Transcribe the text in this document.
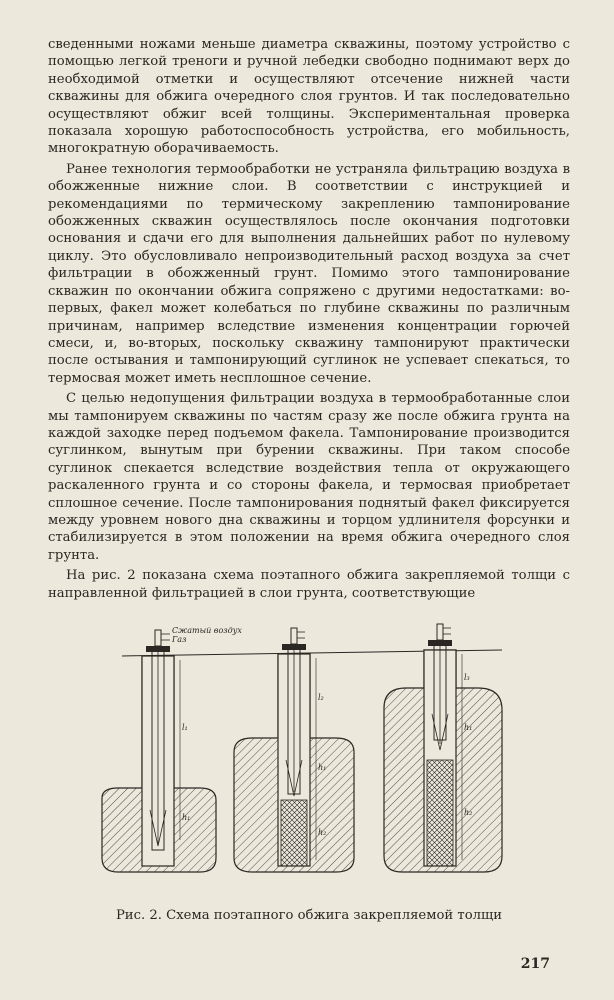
сведенными ножами меньше диаметра скважины, поэтому устройство с помощью легкой треноги и ручной лебедки свободно поднимают верх до необходимой отметки и осуществляют отсечение нижней части скважины для обжига очередного слоя грунтов. И так последовательно осуществляют обжиг всей толщины. Экспериментальная проверка показала хорошую работоспособность устройства, его мобильность, многократную оборачиваемость.

Ранее технология термообработки не устраняла фильтрацию воздуха в обожженные нижние слои. В соответствии с инструкцией и рекомендациями по термическому закреплению тампонирование обожженных скважин осуществлялось после окончания подготовки основания и сдачи его для выполнения дальнейших работ по нулевому циклу. Это обусловливало непроизводительный расход воздуха за счет фильтрации в обожженный грунт. Помимо этого тампонирование скважин по окончании обжига сопряжено с другими недостатками: во-первых, факел может колебаться по глубине скважины по различным причинам, например вследствие изменения концентрации горючей смеси, и, во-вторых, поскольку скважину тампонируют практически после остывания и тампонирующий суглинок не успевает спекаться, то термосвая может иметь несплошное сечение.

С целью недопущения фильтрации воздуха в термообработанные слои мы тампонируем скважины по частям сразу же после обжига грунта на каждой заходке перед подъемом факела. Тампонирование производится суглинком, вынутым при бурении скважины. При таком способе суглинок спекается вследствие воздействия тепла от окружающего раскаленного грунта и со стороны факела, и термосвая приобретает сплошное сечение. После тампонирования поднятый факел фиксируется между уровнем нового дна скважины и торцом удлинителя форсунки и стабилизируется в этом положении на время обжига очередного слоя грунта.

На рис. 2 показана схема поэтапного обжига закрепляемой толщи с направленной фильтрацией в слои грунта, соответствующие

Сжатый воздух
Газ
l₁
h₁
l₂
h₁
h₂
l₃
h₁
h₂
Рис. 2. Схема поэтапного обжига закрепляемой толщи
217
